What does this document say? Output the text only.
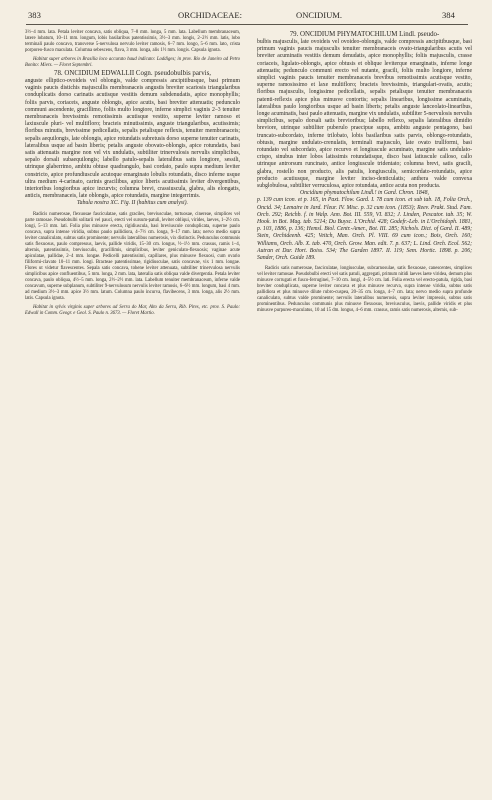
383	ORCHIDACEAE:	ONCIDIUM.	384

3½–4 mm. lata. Petala leviter concava, satis obliqua, 7–8 mm. longa, 5 mm. lata. Labellum membranaceum, latere lobatum, 10–11 mm. longum, lobis basilaribus patentissimis, 3½–3 mm. longis, 2–2½ mm. latis, lobo terminali paulo concavo, transverse 5-nervulosa nervulo leviter ramosis, 6–7 mm. longo, 5–6 mm. lato, crista porporeo-fusco maculata. Columna sebescens, flava, 3 mm. longa, alis 1½ mm. longis. Capsula ignota.

Habitat super arbores in Brasilia loco accurato haud indicato: Loddiges; in prov. Rio de Janeiro ad Petro Bonito: Miers. — Floret Septembri.

78. ONCIDIUM EDWALLII Cogn. pseudobulbis parvis,

anguste elliptico-ovoideis vel oblongis, valde compressis ancipitibusque, basi primum vaginis paucis distichis majuscullis membranaceis angustis breviter scariosis triangularibus conduplicatis dorso carinatis acutisque vestitis demum subdenudatis, apice monophyllis; foliis parvis, coriaceis, anguste oblongis, apice acutis, basi breviter attenuatis; pedunculo communi ascendente, gracillimo, foliis multo longiore, inferne simplici vaginis 2–3 tenuiter membranaceis brevissimis remotissimis acutisque vestito, superne leviter ramoso et laxiuscule pluri- vel multifloro; bracteis minutissimis, anguste triangularibus, acutissimis; floribus minutis, brevissime pedicellatis, sepalis petalisque reflexis, tenuiter membranaceis; sepalis aequilongis, late oblongis, apice rotundatis subretusis dorso superne tenuiter carinatis, lateralibus usque ad basin liberis; petalis anguste obovato-oblongis, apice rotundatis, basi satis attenuatis margine non vel vix undulatis, subtiliter trinervulosis nervulis simplicibus, sepalo dorsali subaequilongis; labello patulo-sepalis lateralibus satis longiore, sessili, utrinque glaberrimo, ambitu obtuse quadrangulo, basi cordato, paulo supra medium leviter constricto, apice profundiuscule acutoque emarginato lobulis rotundatis, disco inferne usque ultra medium 4-carinato, carinis gracilibus, apice liberis acutissimis leviter divergentibus, interioribus longioribus apice incurvis; columna brevi, crassiuscula, glabra, alis elongatis, anticis, membranaceis, late oblongis, apice rotundatis, margine integerrimis.

Tabula nostra XC. Fig. II (habitus cum analysi).

Radicis numerosae, flexuosae fasciculatae, satis graciles, breviusculae, tortuosae, cinereae, simplices vel parte ramosae. Pseudobulbi solitarii vel pauci, erecti vel sursum-patuli, leviter obliqui, virides, laeves, 1–2½ cm. longi, 5–13 mm. lati. Folia plus minusve erecta, rigidiuscula, basi breviuscule conduplicata, superne paulo concava, supra intense viridia, subtus paulo pallidiora, 4–7½ cm. longa, 9–17 mm. lata; nervo medio supra leviter canaliculato, subtus satis prominente; nervulis lateralibus numerosis, vix distinctis. Pedunculus communis satis flexuosus, paulo compressus, laevis, pallide viridis, 15–30 cm. longus, ½–1½ mm. crassus, ramis 1–4, alternis, patentissimis, breviusculis, gracillimis, simplicibus, leviter geniculato-flexuosis; vaginae acute apiculatae, pallidae, 2–4 mm. longae. Pedicelli patentissimi, capillares, plus minusve flexuosi, cum ovario filiformi-clavato 10–11 mm. longi. Bracteae patentissimae, rigidiusculae, satis concavae, vix 1 mm. longae. Flores ut videtur flavescentes. Sepala satis concava, tohene leviter attenuata, subtiliter trinervulosa nervulis simplicibus apice confluentibus, 5 mm. longa, 2 mm. lata, lateralia satis obliqua valde divergentia. Petala leviter concava, paulo obliqua, 4½–5 mm. longa, 2½–2½ mm. lata. Labellum tenuiter membranaceum, inferne valde concavum, superne subplanum, subtiliter 9-nervulosum nervulis leviter ramosis, 6–6½ mm. longum, basi 4 mm. ad medium 3½–3 mm. apice 3½ mm. latum. Columna paulo incurva, flavibecens, 3 mm. longa, alis 2½ mm. latis. Capsula ignota.

Habitat in sylvis virginis super arbores ad Serra do Mar, Alto da Serra, Rib. Pires, etc. prov. S. Paulo: Edwall in Comm. Geogr. e Geol. S. Paulo n. 3673. — Floret Martio.

79. ONCIDIUM PHYMATOCHILUM Lindl. pseudo-

bulbis majusculis, late ovoideis vel ovoideo-oblongis, valde compressis ancipitibusque, basi primum vaginis paucis majusculis tenuiter membranaceis ovato-triangularibus acutis vel breviter acuminatis vestitis demum denudatis, apice monophyllis; foliis majusculis, crasse coriaceis, ligulato-oblongis, apice obtusis et oblique leviterque emarginatis, inferne longe attenuatis; pedunculo communi erecto vel nutante, gracili, foliis multo longiore, inferne simplici vaginis paucis tenuiter membranaceis brevibus remotissimis acutisque vestito, superne ramosissimo et laxe multifloro; bracteis brevissimis, triangulari-ovatis, acutis; floribus majusculis, longissime pedicellatis, sepalis petalisque tenuiter membranaceis patenti-reflexis apice plus minusve contortis; sepalis linearibus, longissime acuminatis, lateralibus paulo longioribus usque ad basin liberis; petalis anguste lanceolato-linearibus, longe acuminatis, basi paulo attenuatis, margine vix undulatis, subtiliter 5-nervulosis nervulis simplicibus, sepalo dorsali satis brevioribus; labello reflexo, sepalis lateralibus dimidio breviore, utrinque subtiliter puberulo praecipue supra, ambitu anguste pentagono, basi truncato-subcordato, inferne trilobato, lobis basilaribus satis parvis, oblongo-rotundatis, obtusis, margine undulato-crenulatis, terminali majusculo, late ovato trullformi, basi rotundato vel subcordato, apice recurvo et longiuscule acuminato, margine satis undulato-crispo, sinubus inter lobos latissimis rotundatisque, disco basi latiuscule calloso, callo utrinque antrorsum runcinato, antice longiuscule tridentato; columna brevi, satis gracili, glabra, rostello non producto, alis patulis, longiusculis, semicordato-rotundatis, apice producto acutiusque, margine leviter inciso-denticulatis; anthera valde convexa subglobulosa, subtiliter verruculosa, apice rotundata, antice acuta non producta.

Oncidium phymatochilum Lindl.! in Gard. Chron. 1848,

p. 139 cum icon. et p. 165, in Paxt. Flow. Gard. I. 78 cum icon. et sub tab. 18, Folia Orch., Oncid. 34; Lemaire in Jard. Fleur. IV. Misc. p. 32 cum icon. (1853); Reev. Prakt. Stud. Fam. Orch. 292; Reichb. f. in Walp. Ann. Bot. III. 559, VI. 832; J. Linden, Pescator. tab. 35; W. Hook. in Bot. Mag. tab. 5214; Du Buysc. L'Orchid. 428; Godefr.-Leb. in L'Orchidoph. 1881, p. 103, 1886, p. 136; Hemsl. Biol. Centr.-Amer., Bot. III. 285; Nichols. Dict. of Gard. II. 489; Stein, Orchideenb. 425; Veitch, Man. Orch. Pl. VIII. 69 cum icon.; Bois, Orch. 160; Williams, Orch. Alb. X. tab. 470, Orch. Grow. Man. edit. 7. p. 637; L. Lind. Orch. Ecol. 562; Autran et Dur. Hort. Boiss. 534; The Garden 1897. II. 119; Sem. Hortic. 1898. p. 206; Sander, Orch. Guide 189.

Radicis satis numerosae, fasciculatae, longiusculae, subcarnosulae, satis flexuosae, canescentes, simplices vel leviter ramosae. Pseudobulbi erecti vel satis patuli, aggregati, primum nitidi laeves laete viridea, demum plus minusve corrugati et fusco-ferruginei, 7–10 cm. longi, 4–5½ cm. lati. Folia erecta vel erecto-patula, rigida, basi breviter conduplicata, superne leviter concava et plus minusve recurva, supra intense viridia, subtus satis pallidiora et plus minusve dilute rubro-cuspea, 20–35 cm. longa, 4–7 cm. lata; nervo medio supra profunde canaliculato, subtus valde prominente; nervulis lateralibus numerosis, supra leviter impressis, subtus satis prominentibus. Pedunculus communis plus minusve flexuosus, breviusculus, laevis, pallide viridis et plus minusve purpureo-maculatus, 10 ad 15 dm. longus, 4–6 mm. crassus, ramis satis numerosis, alternis, sub-
